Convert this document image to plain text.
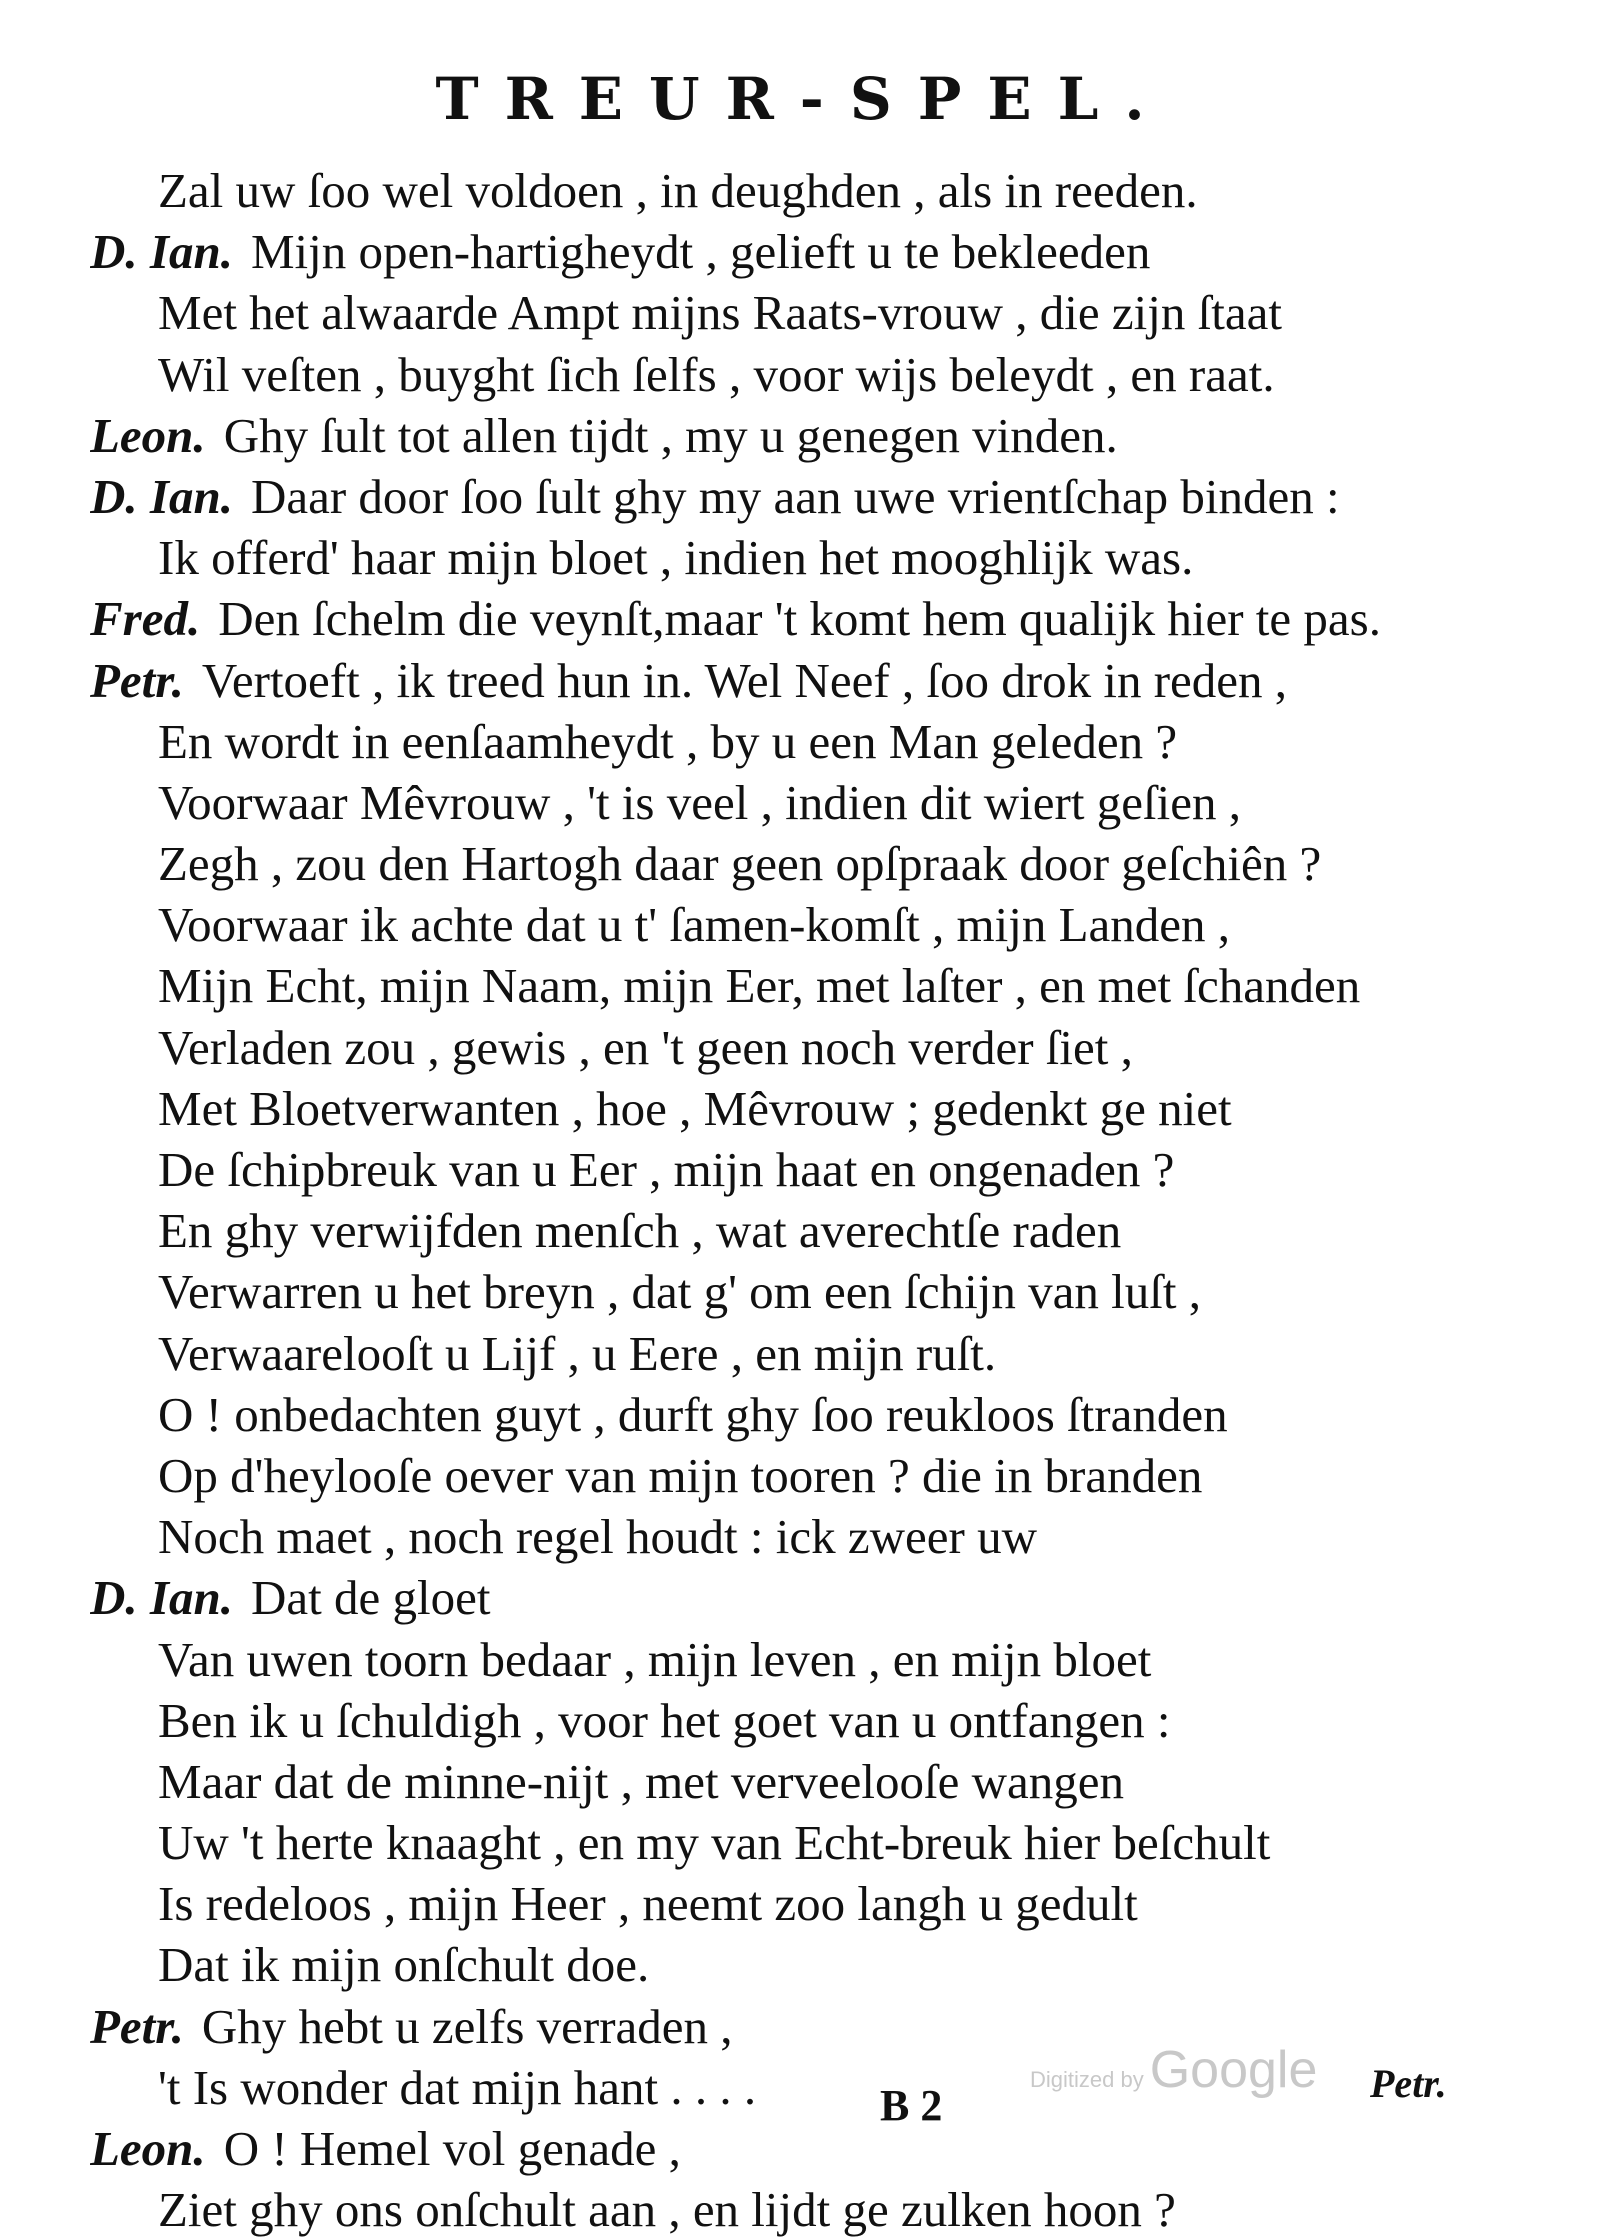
TREUR-SPEL.
Zal uw ſoo wel voldoen , in deughden , als in reeden.
D. Ian. Mijn open-hartigheydt , gelieft u te bekleeden
Met het alwaarde Ampt mijns Raats-vrouw , die zijn ſtaat
Wil veſten , buyght ſich ſelfs , voor wijs beleydt , en raat.
Leon. Ghy ſult tot allen tijdt , my u genegen vinden.
D. Ian. Daar door ſoo ſult ghy my aan uwe vrientſchap binden :
Ik offerd' haar mijn bloet , indien het mooghlijk was.
Fred. Den ſchelm die veynſt,maar 't komt hem qualijk hier te pas.
Petr. Vertoeft , ik treed hun in. Wel Neef , ſoo drok in reden ,
En wordt in eenſaamheydt , by u een Man geleden ?
Voorwaar Mêvrouw , 't is veel , indien dit wiert geſien ,
Zegh , zou den Hartogh daar geen opſpraak door geſchiên ?
Voorwaar ik achte dat u t' ſamen-komſt , mijn Landen ,
Mijn Echt, mijn Naam, mijn Eer, met laſter , en met ſchanden
Verladen zou , gewis , en 't geen noch verder ſiet ,
Met Bloetverwanten , hoe , Mêvrouw ; gedenkt ge niet
De ſchipbreuk van u Eer , mijn haat en ongenaden ?
En ghy verwijfden menſch , wat averechtſe raden
Verwarren u het breyn , dat g' om een ſchijn van luſt ,
Verwaarelooſt u Lijf , u Eere , en mijn ruſt.
O ! onbedachten guyt , durft ghy ſoo reukloos ſtranden
Op d'heylooſe oever van mijn tooren ? die in branden
Noch maet , noch regel houdt : ick zweer uw
D. Ian. Dat de gloet
Van uwen toorn bedaar , mijn leven , en mijn bloet
Ben ik u ſchuldigh , voor het goet van u ontfangen :
Maar dat de minne-nijt , met verveelooſe wangen
Uw 't herte knaaght , en my van Echt-breuk hier beſchult
Is redeloos , mijn Heer , neemt zoo langh u gedult
Dat ik mijn onſchult doe.
Petr. Ghy hebt u zelfs verraden ,
't Is wonder dat mijn hant . . . .
Leon. O ! Hemel vol genade ,
Ziet ghy ons onſchult aan , en lijdt ge zulken hoon ?
Digitized by Google
B 2	Petr.
